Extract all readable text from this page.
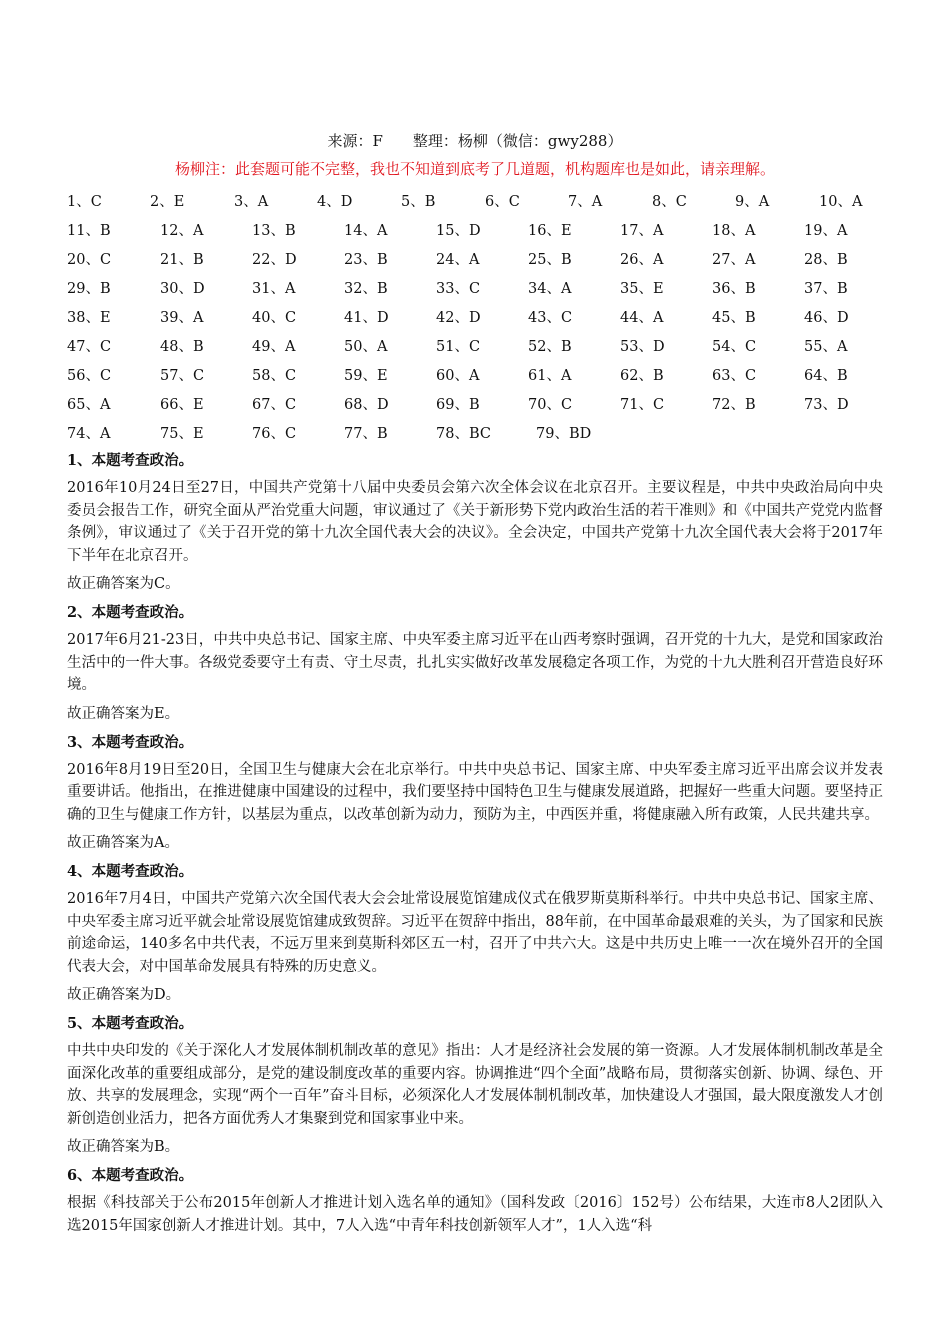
来源：F　　整理：杨柳（微信：gwy288）
杨柳注：此套题可能不完整，我也不知道到底考了几道题，机构题库也是如此，请亲理解。
1、C	2、E	3、A	4、D	5、B	6、C	7、A	8、C	9、A	10、A
11、B	12、A	13、B	14、A	15、D	16、E	17、A	18、A	19、A
20、C	21、B	22、D	23、B	24、A	25、B	26、A	27、A	28、B
29、B	30、D	31、A	32、B	33、C	34、A	35、E	36、B	37、B
38、E	39、A	40、C	41、D	42、D	43、C	44、A	45、B	46、D
47、C	48、B	49、A	50、A	51、C	52、B	53、D	54、C	55、A
56、C	57、C	58、C	59、E	60、A	61、A	62、B	63、C	64、B
65、A	66、E	67、C	68、D	69、B	70、C	71、C	72、B	73、D
74、A	75、E	76、C	77、B	78、BC	79、BD
1、本题考查政治。
2016年10月24日至27日，中国共产党第十八届中央委员会第六次全体会议在北京召开。主要议程是，中共中央政治局向中央委员会报告工作，研究全面从严治党重大问题，审议通过了《关于新形势下党内政治生活的若干准则》和《中国共产党党内监督条例》，审议通过了《关于召开党的第十九次全国代表大会的决议》。全会决定，中国共产党第十九次全国代表大会将于2017年下半年在北京召开。
故正确答案为C。
2、本题考查政治。
2017年6月21-23日，中共中央总书记、国家主席、中央军委主席习近平在山西考察时强调，召开党的十九大，是党和国家政治生活中的一件大事。各级党委要守土有责、守土尽责，扎扎实实做好改革发展稳定各项工作，为党的十九大胜利召开营造良好环境。
故正确答案为E。
3、本题考查政治。
2016年8月19日至20日，全国卫生与健康大会在北京举行。中共中央总书记、国家主席、中央军委主席习近平出席会议并发表重要讲话。他指出，在推进健康中国建设的过程中，我们要坚持中国特色卫生与健康发展道路，把握好一些重大问题。要坚持正确的卫生与健康工作方针，以基层为重点，以改革创新为动力，预防为主，中西医并重，将健康融入所有政策，人民共建共享。
故正确答案为A。
4、本题考查政治。
2016年7月4日，中国共产党第六次全国代表大会会址常设展览馆建成仪式在俄罗斯莫斯科举行。中共中央总书记、国家主席、中央军委主席习近平就会址常设展览馆建成致贺辞。习近平在贺辞中指出，88年前，在中国革命最艰难的关头，为了国家和民族前途命运，140多名中共代表，不远万里来到莫斯科郊区五一村，召开了中共六大。这是中共历史上唯一一次在境外召开的全国代表大会，对中国革命发展具有特殊的历史意义。
故正确答案为D。
5、本题考查政治。
中共中央印发的《关于深化人才发展体制机制改革的意见》指出：人才是经济社会发展的第一资源。人才发展体制机制改革是全面深化改革的重要组成部分，是党的建设制度改革的重要内容。协调推进“四个全面”战略布局，贯彻落实创新、协调、绿色、开放、共享的发展理念，实现“两个一百年”奋斗目标，必须深化人才发展体制机制改革，加快建设人才强国，最大限度激发人才创新创造创业活力，把各方面优秀人才集聚到党和国家事业中来。
故正确答案为B。
6、本题考查政治。
根据《科技部关于公布2015年创新人才推进计划入选名单的通知》（国科发政〔2016〕152号）公布结果，大连市8人2团队入选2015年国家创新人才推进计划。其中，7人入选“中青年科技创新领军人才”，1人入选“科
